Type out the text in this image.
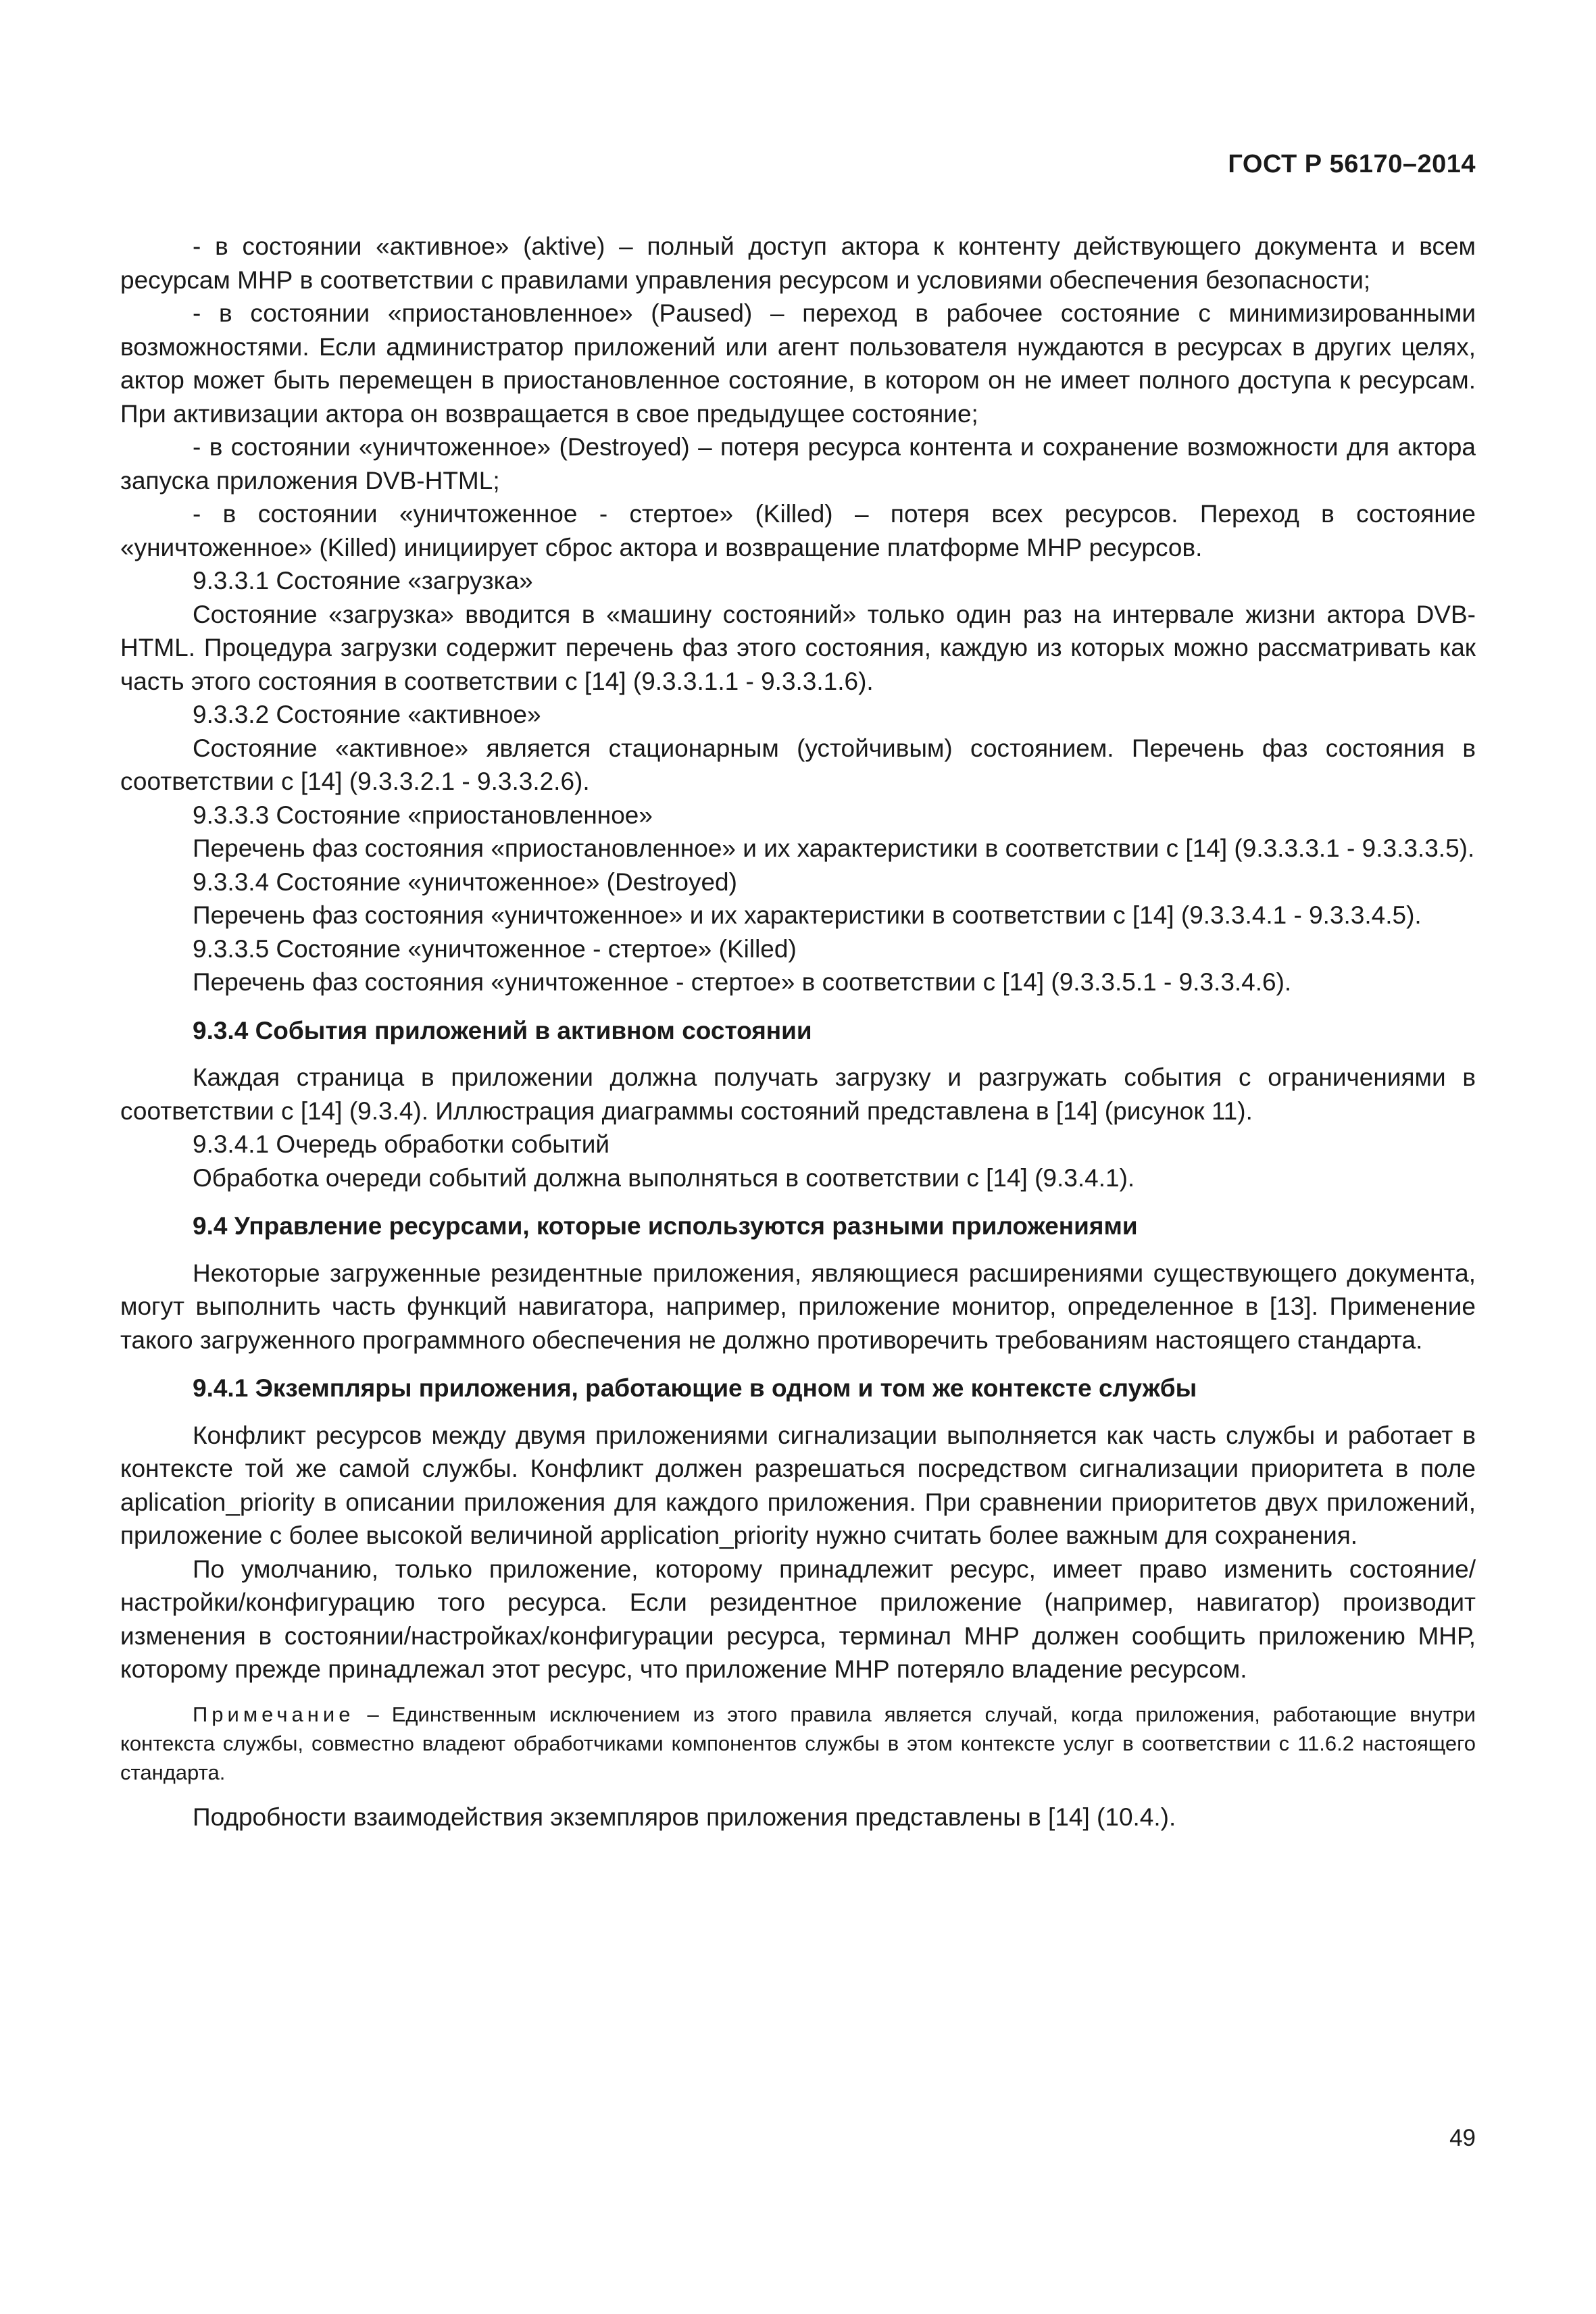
ГОСТ Р 56170–2014

- в состоянии «активное» (aktive) – полный доступ актора к контенту действующего документа и всем ресурсам МНР в соответствии с правилами управления ресурсом и условиями обеспечения безопасности;

- в состоянии «приостановленное» (Paused) – переход в рабочее состояние с минимизированными возможностями. Если администратор приложений или агент пользователя нуждаются в ресурсах в других целях, актор может быть перемещен в приостановленное состояние, в котором он не имеет полного доступа к ресурсам. При активизации актора он возвращается в свое предыдущее состояние;

- в состоянии «уничтоженное» (Destroyed) – потеря ресурса контента и сохранение возможности для актора запуска приложения DVB-HTML;

- в состоянии «уничтоженное - стертое» (Killed) – потеря всех ресурсов. Переход в состояние «уничтоженное» (Killed) инициирует сброс актора и возвращение платформе МНР ресурсов.

9.3.3.1 Состояние «загрузка»

Состояние «загрузка» вводится в «машину состояний» только один раз на интервале жизни актора DVB-HTML. Процедура загрузки содержит перечень фаз этого состояния, каждую из которых можно рассматривать как часть этого состояния в соответствии с [14] (9.3.3.1.1 - 9.3.3.1.6).

9.3.3.2 Состояние «активное»

Состояние «активное» является стационарным (устойчивым) состоянием. Перечень фаз состояния в соответствии с [14] (9.3.3.2.1 - 9.3.3.2.6).

9.3.3.3 Состояние «приостановленное»

Перечень фаз состояния «приостановленное» и их характеристики в соответствии с [14] (9.3.3.3.1 - 9.3.3.3.5).

9.3.3.4 Состояние «уничтоженное» (Destroyed)

Перечень фаз состояния «уничтоженное» и их характеристики в соответствии с [14] (9.3.3.4.1 - 9.3.3.4.5).

9.3.3.5 Состояние «уничтоженное - стертое» (Killed)

Перечень фаз состояния «уничтоженное - стертое» в соответствии с [14] (9.3.3.5.1 - 9.3.3.4.6).

9.3.4 События приложений в активном состоянии

Каждая страница в приложении должна получать загрузку и разгружать события с ограничениями в соответствии с [14] (9.3.4). Иллюстрация диаграммы состояний представлена в [14] (рисунок 11).

9.3.4.1 Очередь обработки событий

Обработка очереди событий должна выполняться в соответствии с [14] (9.3.4.1).

9.4 Управление ресурсами, которые используются разными приложениями

Некоторые загруженные резидентные приложения, являющиеся расширениями существующего документа, могут выполнить часть функций навигатора, например, приложение монитор, определенное в [13]. Применение такого загруженного программного обеспечения не должно противоречить требованиям настоящего стандарта.

9.4.1 Экземпляры приложения, работающие в одном и том же контексте службы

Конфликт ресурсов между двумя приложениями сигнализации выполняется как часть службы и работает в контексте той же самой службы. Конфликт должен разрешаться посредством сигнализации приоритета в поле aplication_priority в описании приложения для каждого приложения. При сравнении приоритетов двух приложений, приложение с более высокой величиной application_priority нужно считать более важным для сохранения.

По умолчанию, только приложение, которому принадлежит ресурс, имеет право изменить состояние/настройки/конфигурацию того ресурса. Если резидентное приложение (например, навигатор) производит изменения в состоянии/настройках/конфигурации ресурса, терминал МНР должен сообщить приложению МНР, которому прежде принадлежал этот ресурс, что приложение МНР потеряло владение ресурсом.

Примечание – Единственным исключением из этого правила является случай, когда приложения, работающие внутри контекста службы, совместно владеют обработчиками компонентов службы в этом контексте услуг в соответствии с 11.6.2 настоящего стандарта.

Подробности взаимодействия экземпляров приложения представлены в [14] (10.4.).

49
